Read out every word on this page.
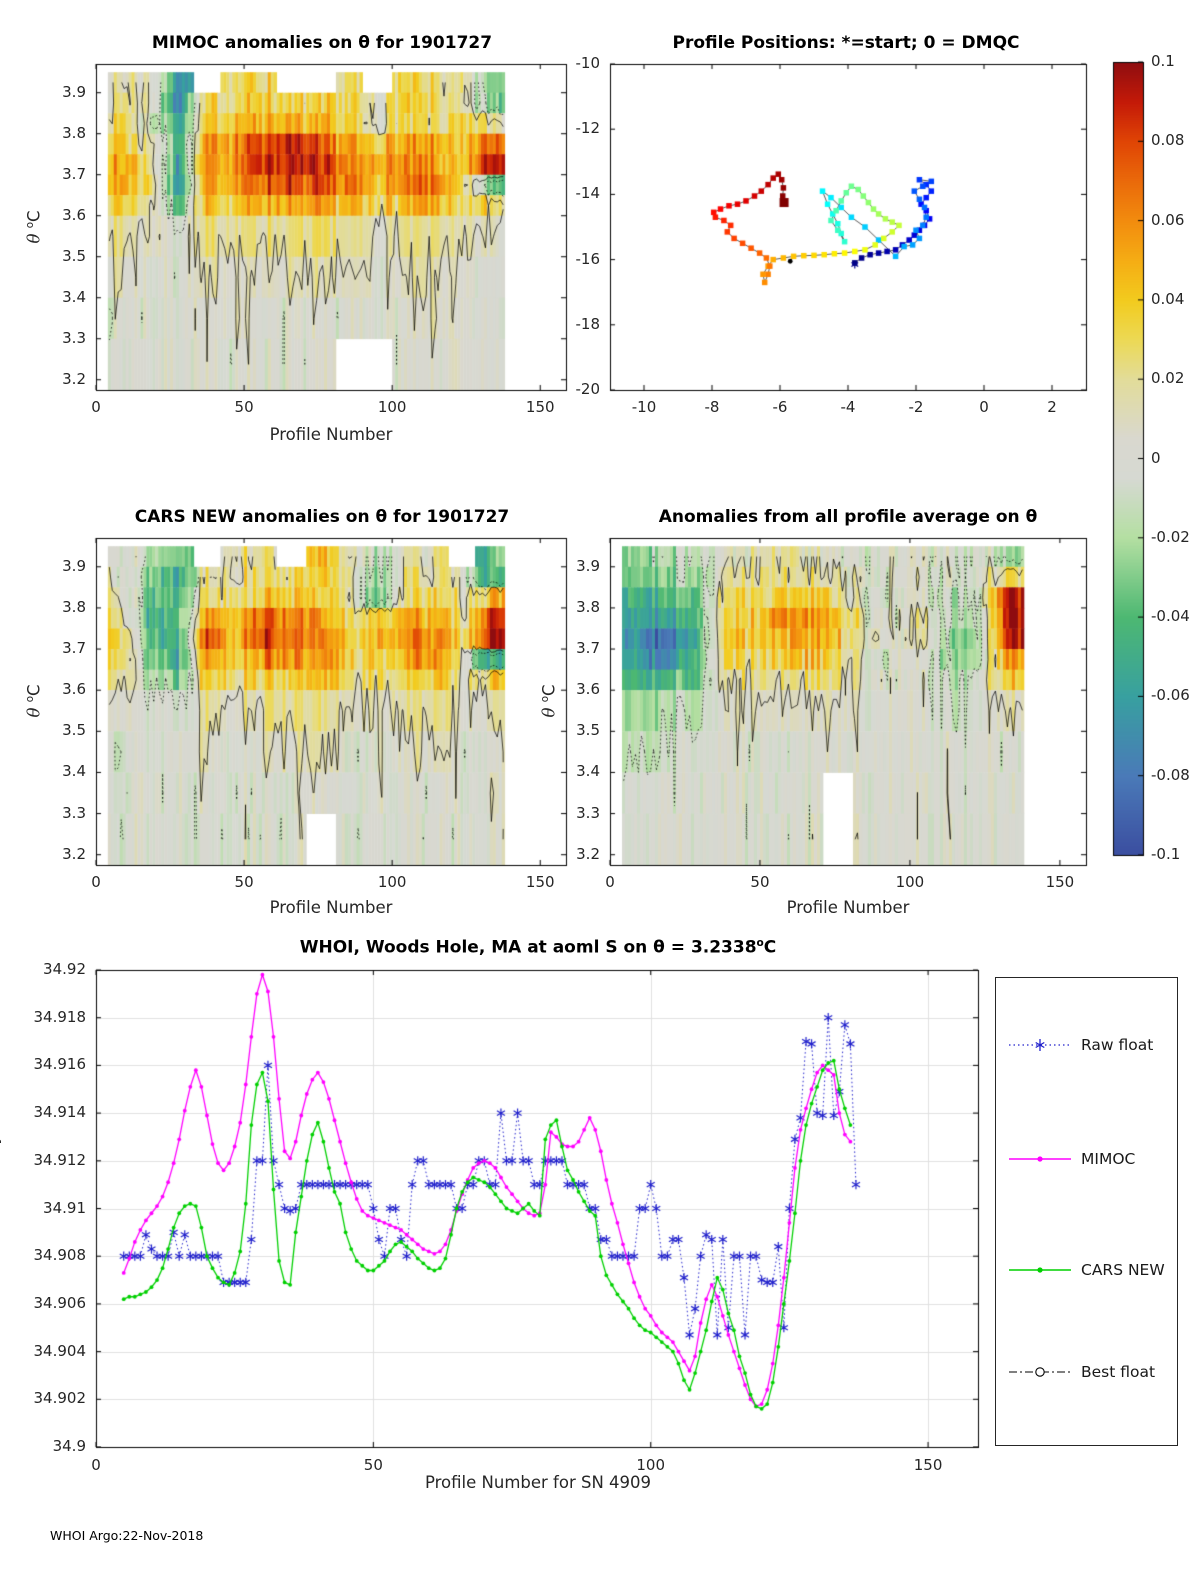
MIMOC anomalies on θ for 1901727	Profile Positions: *=start; 0 = DMQC
CARS NEW anomalies on θ for 1901727	Anomalies from all profile average on θ
WHOI, Woods Hole, MA at aoml S on $\theta = 3.2338^oC$
Profile Number
Profile Number	Profile Number
Profile Number for SN 4909
θ $^o$C
θ $^o$C
θ $^o$C
Raw float
MIMOC
CARS NEW
Best float
WHOI Argo:22-Nov-2018
0	50	100	150
3.9
3.8
3.7
3.6
3.5
3.4
3.3
3.2
-10	-8	-6	-4	-2	0	2
-10
-12
-14
-16
-18
-20
0	50	100	150
3.9
3.8
3.7
3.6
3.5
3.4
3.3
3.2
0	50	100	150
3.9
3.8
3.7
3.6
3.5
3.4
3.3
3.2
0	50	100	150
34.92
34.918
34.916
34.914
34.912
34.91
34.908
34.906
34.904
34.902
34.9
0.1
0.08
0.06
0.04
0.02
0
-0.02
-0.04
-0.06
-0.08
-0.1
